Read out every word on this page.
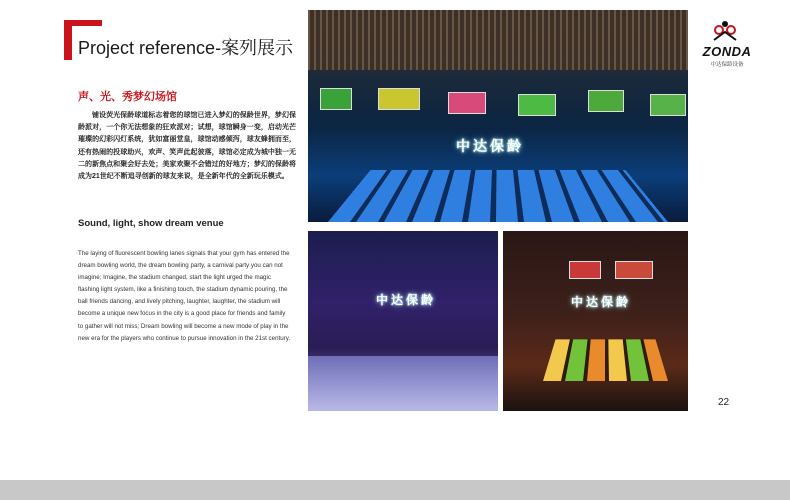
Project reference-案列展示
声、光、秀梦幻场馆
铺设荧光保龄球道标志着您的球馆已进入梦幻的保龄世界，梦幻保龄派对，一个你无法想象的狂欢派对；试想，球馆瞬身一变，启动光芒璀璨的幻彩闪灯系统，犹如富丽堂皇，球馆动感倾泻，球友蜂拥而至，还有热闹的投球助兴，欢声、笑声此起彼落，球馆必定成为城中独一无二的新焦点和聚会好去处；美家欢聚不会错过的好地方；梦幻的保龄将成为21世纪不断追寻创新的球友来说，是全新年代的全新玩乐模式。
Sound, light, show dream venue
The laying of fluorescent bowling lanes signals that your gym has entered the dream bowling world, the dream bowling party, a carnival party you can not imagine; Imagine, the stadium changed, start the light urged the magic flashing light system, like a finishing touch, the stadium dynamic pouring, the ball friends dancing, and lively pitching, laughter, laughter, the stadium will become a unique new focus in the city is a good place for friends and family to gather will not miss; Dream bowling will become a new mode of play in the new era for the players who continue to pursue innovation in the 21st century.
中达保龄
中达保龄	中达保龄
ZONDA
中达保龄设备
22
